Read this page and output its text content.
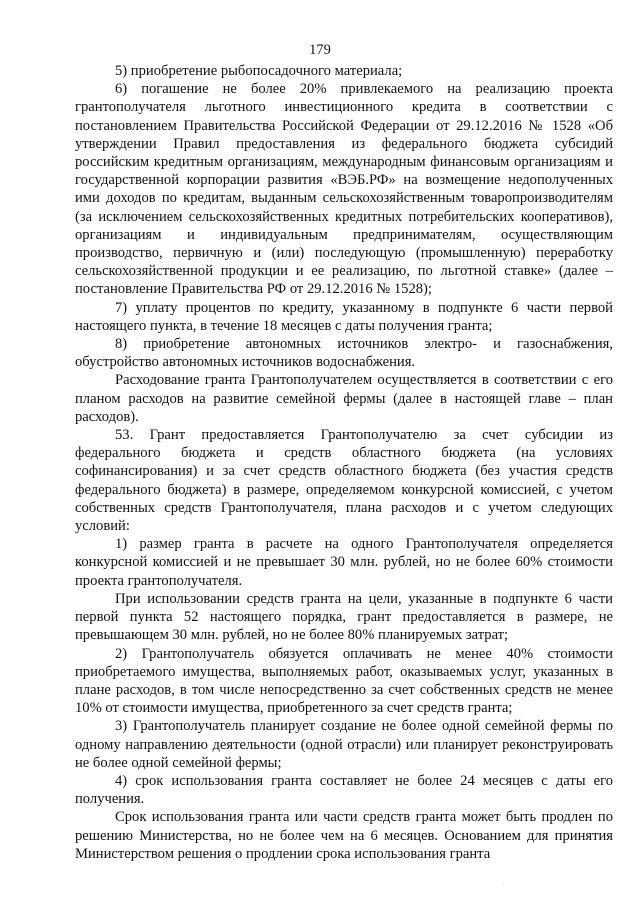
179

5) приобретение рыбопосадочного материала;

6) погашение не более 20% привлекаемого на реализацию проекта грантополучателя льготного инвестиционного кредита в соответствии с постановлением Правительства Российской Федерации от 29.12.2016 № 1528 «Об утверждении Правил предоставления из федерального бюджета субсидий российским кредитным организациям, международным финансовым организациям и государственной корпорации развития «ВЭБ.РФ» на возмещение недополученных ими доходов по кредитам, выданным сельскохозяйственным товаропроизводителям (за исключением сельскохозяйственных кредитных потребительских кооперативов), организациям и индивидуальным предпринимателям, осуществляющим производство, первичную и (или) последующую (промышленную) переработку сельскохозяйственной продукции и ее реализацию, по льготной ставке» (далее – постановление Правительства РФ от 29.12.2016 № 1528);

7) уплату процентов по кредиту, указанному в подпункте 6 части первой настоящего пункта, в течение 18 месяцев с даты получения гранта;

8) приобретение автономных источников электро- и газоснабжения, обустройство автономных источников водоснабжения.

Расходование гранта Грантополучателем осуществляется в соответствии с его планом расходов на развитие семейной фермы (далее в настоящей главе – план расходов).

53. Грант предоставляется Грантополучателю за счет субсидии из федерального бюджета и средств областного бюджета (на условиях софинансирования) и за счет средств областного бюджета (без участия средств федерального бюджета) в размере, определяемом конкурсной комиссией, с учетом собственных средств Грантополучателя, плана расходов и с учетом следующих условий:

1) размер гранта в расчете на одного Грантополучателя определяется конкурсной комиссией и не превышает 30 млн. рублей, но не более 60% стоимости проекта грантополучателя.

При использовании средств гранта на цели, указанные в подпункте 6 части первой пункта 52 настоящего порядка, грант предоставляется в размере, не превышающем 30 млн. рублей, но не более 80% планируемых затрат;

2) Грантополучатель обязуется оплачивать не менее 40% стоимости приобретаемого имущества, выполняемых работ, оказываемых услуг, указанных в плане расходов, в том числе непосредственно за счет собственных средств не менее 10% от стоимости имущества, приобретенного за счет средств гранта;

3) Грантополучатель планирует создание не более одной семейной фермы по одному направлению деятельности (одной отрасли) или планирует реконструировать не более одной семейной фермы;

4) срок использования гранта составляет не более 24 месяцев с даты его получения.

Срок использования гранта или части средств гранта может быть продлен по решению Министерства, но не более чем на 6 месяцев. Основанием для принятия Министерством решения о продлении срока использования гранта

.
